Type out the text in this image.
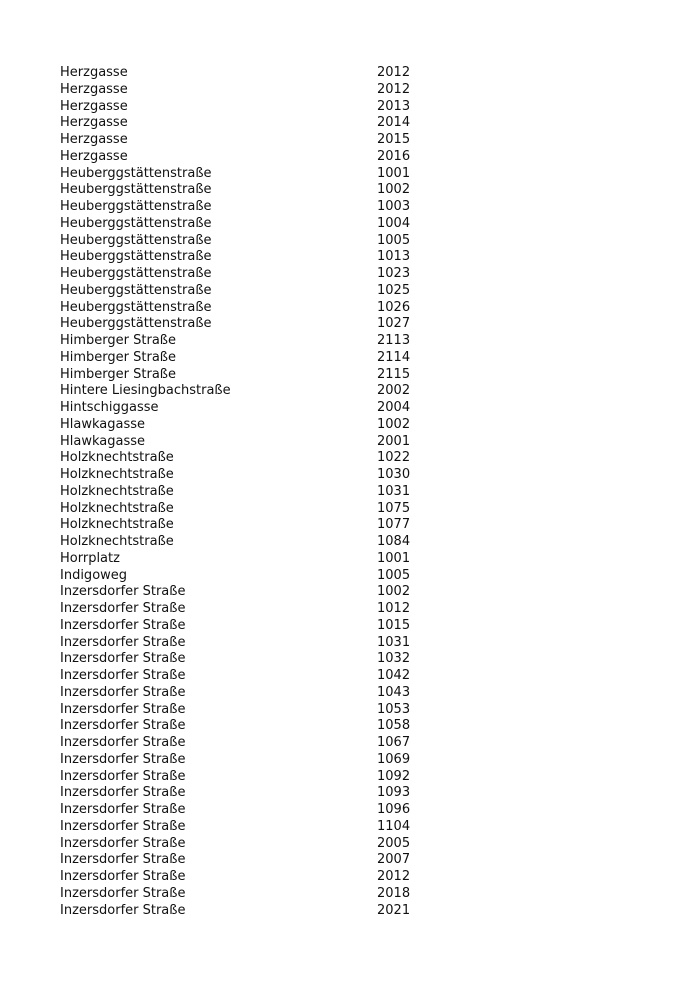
Herzgasse	2012
Herzgasse	2012
Herzgasse	2013
Herzgasse	2014
Herzgasse	2015
Herzgasse	2016
Heuberggstättenstraße	1001
Heuberggstättenstraße	1002
Heuberggstättenstraße	1003
Heuberggstättenstraße	1004
Heuberggstättenstraße	1005
Heuberggstättenstraße	1013
Heuberggstättenstraße	1023
Heuberggstättenstraße	1025
Heuberggstättenstraße	1026
Heuberggstättenstraße	1027
Himberger Straße	2113
Himberger Straße	2114
Himberger Straße	2115
Hintere Liesingbachstraße	2002
Hintschiggasse	2004
Hlawkagasse	1002
Hlawkagasse	2001
Holzknechtstraße	1022
Holzknechtstraße	1030
Holzknechtstraße	1031
Holzknechtstraße	1075
Holzknechtstraße	1077
Holzknechtstraße	1084
Horrplatz	1001
Indigoweg	1005
Inzersdorfer Straße	1002
Inzersdorfer Straße	1012
Inzersdorfer Straße	1015
Inzersdorfer Straße	1031
Inzersdorfer Straße	1032
Inzersdorfer Straße	1042
Inzersdorfer Straße	1043
Inzersdorfer Straße	1053
Inzersdorfer Straße	1058
Inzersdorfer Straße	1067
Inzersdorfer Straße	1069
Inzersdorfer Straße	1092
Inzersdorfer Straße	1093
Inzersdorfer Straße	1096
Inzersdorfer Straße	1104
Inzersdorfer Straße	2005
Inzersdorfer Straße	2007
Inzersdorfer Straße	2012
Inzersdorfer Straße	2018
Inzersdorfer Straße	2021
